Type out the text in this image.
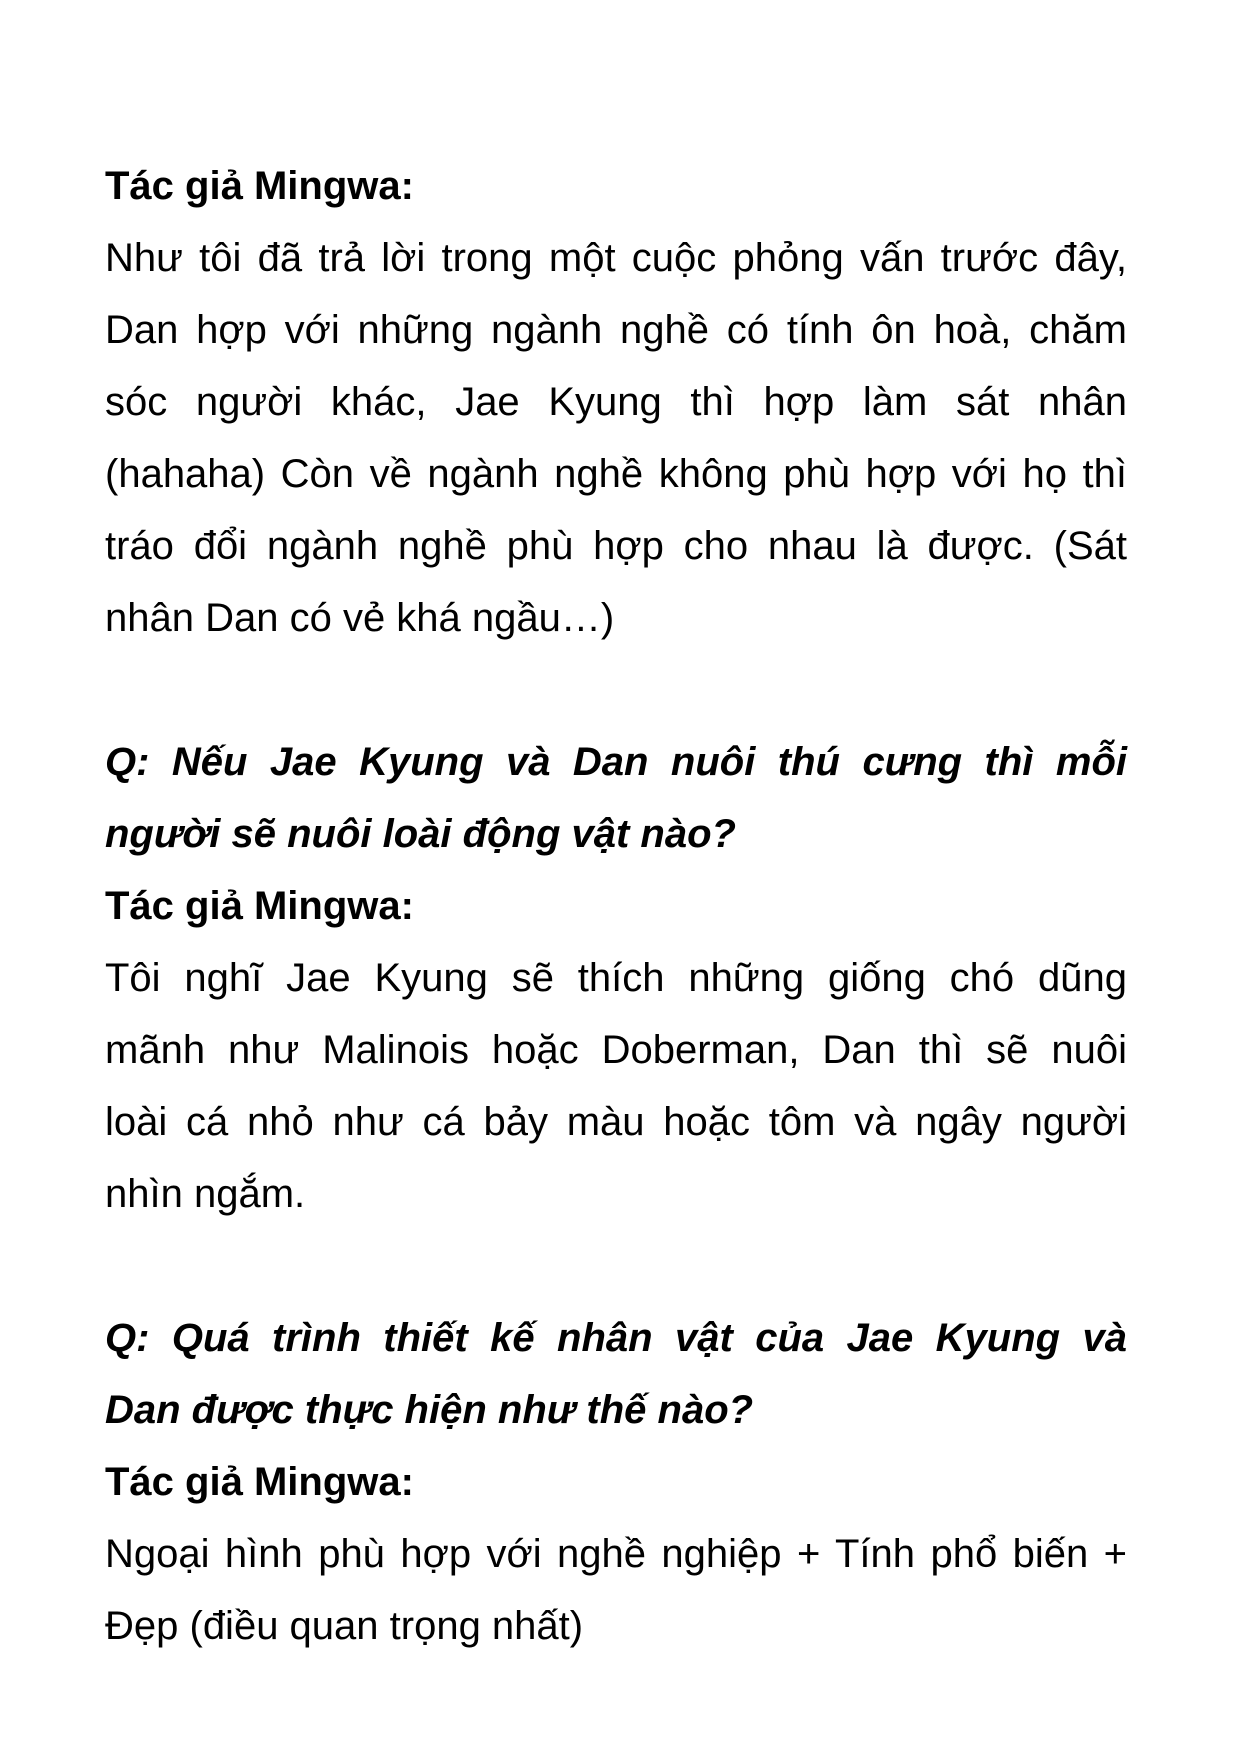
Tác giả Mingwa:
Như tôi đã trả lời trong một cuộc phỏng vấn trước đây,
Dan hợp với những ngành nghề có tính ôn hoà, chăm
sóc người khác, Jae Kyung thì hợp làm sát nhân
(hahaha) Còn về ngành nghề không phù hợp với họ thì
tráo đổi ngành nghề phù hợp cho nhau là được. (Sát
nhân Dan có vẻ khá ngầu…)
Q: Nếu Jae Kyung và Dan nuôi thú cưng thì mỗi
người sẽ nuôi loài động vật nào?
Tác giả Mingwa:
Tôi nghĩ Jae Kyung sẽ thích những giống chó dũng
mãnh như Malinois hoặc Doberman, Dan thì sẽ nuôi
loài cá nhỏ như cá bảy màu hoặc tôm và ngây người
nhìn ngắm.
Q: Quá trình thiết kế nhân vật của Jae Kyung và
Dan được thực hiện như thế nào?
Tác giả Mingwa:
Ngoại hình phù hợp với nghề nghiệp + Tính phổ biến +
Đẹp (điều quan trọng nhất)
